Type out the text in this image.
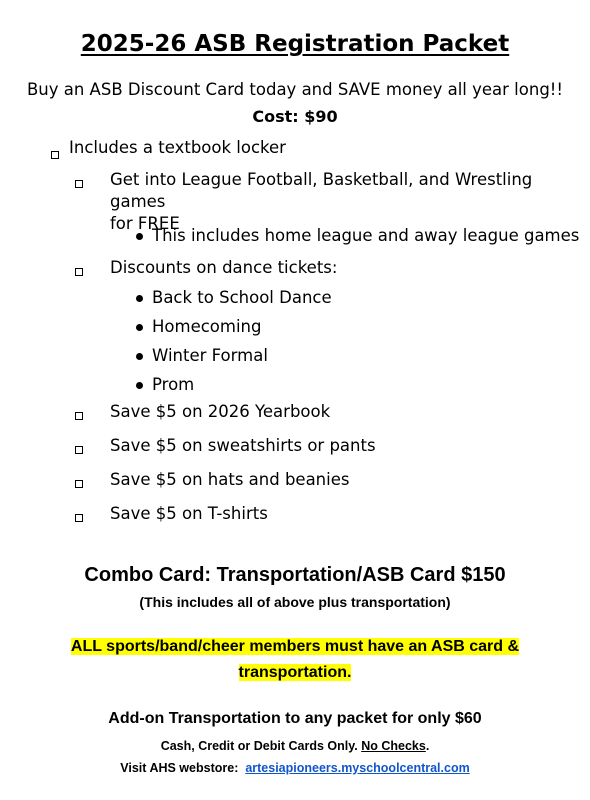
2025-26 ASB Registration Packet
Buy an ASB Discount Card today and SAVE money all year long!!
Cost: $90
Includes a textbook locker
Get into League Football, Basketball, and Wrestling games
for FREE
This includes home league and away league games
Discounts on dance tickets:
Back to School Dance
Homecoming
Winter Formal
Prom
Save $5 on 2026 Yearbook
Save $5 on sweatshirts or pants
Save $5 on hats and beanies
Save $5 on T-shirts
Combo Card: Transportation/ASB Card $150
(This includes all of above plus transportation)
ALL sports/band/cheer members must have an ASB card &
transportation.
Add-on Transportation to any packet for only $60
Cash, Credit or Debit Cards Only. No Checks.
Visit AHS webstore: artesiapioneers.myschoolcentral.com
